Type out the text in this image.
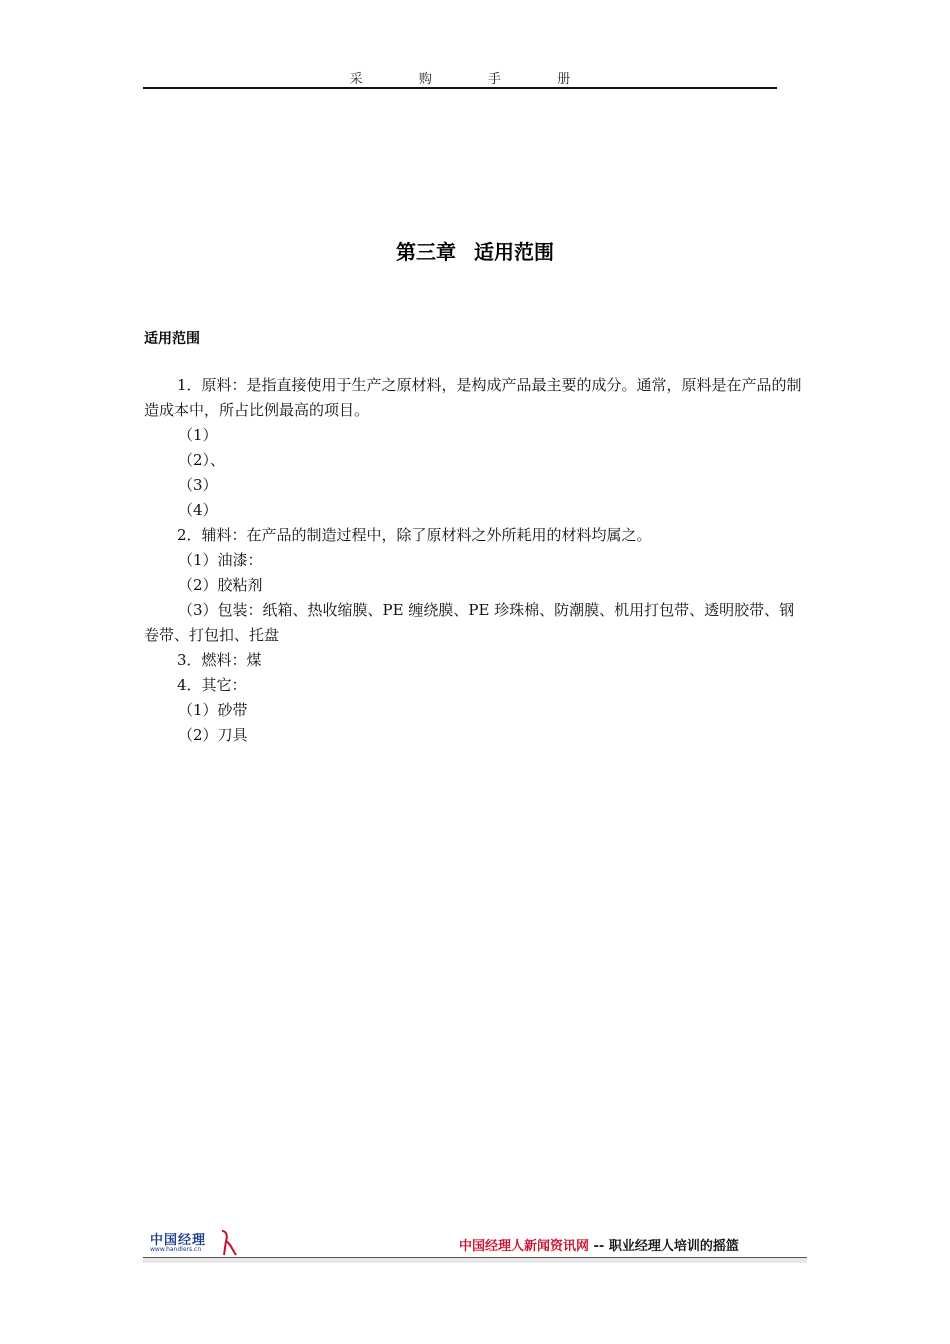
采 购 手 册
第三章 适用范围
适用范围

1．原料：是指直接使用于生产之原材料，是构成产品最主要的成分。通常，原料是在产品的制造成本中，所占比例最高的项目。

（1）

（2）、

（3）

（4）

2．辅料：在产品的制造过程中，除了原材料之外所耗用的材料均属之。

（1）油漆：

（2）胶粘剂

（3）包装：纸箱、热收缩膜、PE 缠绕膜、PE 珍珠棉、防潮膜、机用打包带、透明胶带、钢卷带、打包扣、托盘

3．燃料：煤

4．其它：

（1）砂带

（2）刀具

中国经理
www.handlers.cn	中国经理人新闻资讯网 -- 职业经理人培训的摇篮
